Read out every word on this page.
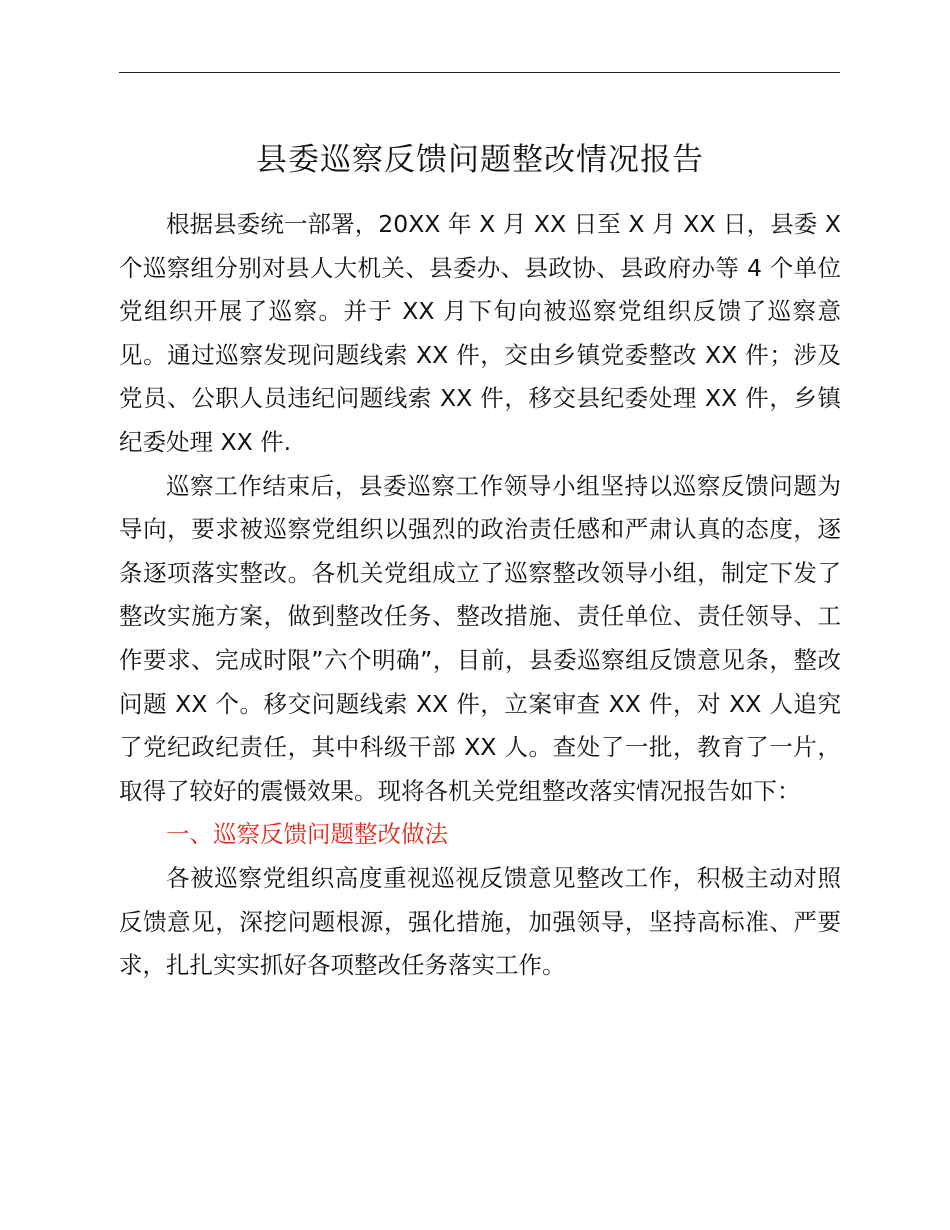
县委巡察反馈问题整改情况报告

根据县委统一部署，20XX 年 X 月 XX 日至 X 月 XX 日，县委 X 个巡察组分别对县人大机关、县委办、县政协、县政府办等 4 个单位党组织开展了巡察。并于 XX 月下旬向被巡察党组织反馈了巡察意见。通过巡察发现问题线索 XX 件，交由乡镇党委整改 XX 件；涉及党员、公职人员违纪问题线索 XX 件，移交县纪委处理 XX 件，乡镇纪委处理 XX 件.

巡察工作结束后，县委巡察工作领导小组坚持以巡察反馈问题为导向，要求被巡察党组织以强烈的政治责任感和严肃认真的态度，逐条逐项落实整改。各机关党组成立了巡察整改领导小组，制定下发了整改实施方案，做到整改任务、整改措施、责任单位、责任领导、工作要求、完成时限”六个明确”，目前，县委巡察组反馈意见条，整改问题 XX 个。移交问题线索 XX 件，立案审查 XX 件，对 XX 人追究了党纪政纪责任，其中科级干部 XX 人。查处了一批，教育了一片，取得了较好的震慑效果。现将各机关党组整改落实情况报告如下：

一、巡察反馈问题整改做法

各被巡察党组织高度重视巡视反馈意见整改工作，积极主动对照反馈意见，深挖问题根源，强化措施，加强领导，坚持高标准、严要求，扎扎实实抓好各项整改任务落实工作。
